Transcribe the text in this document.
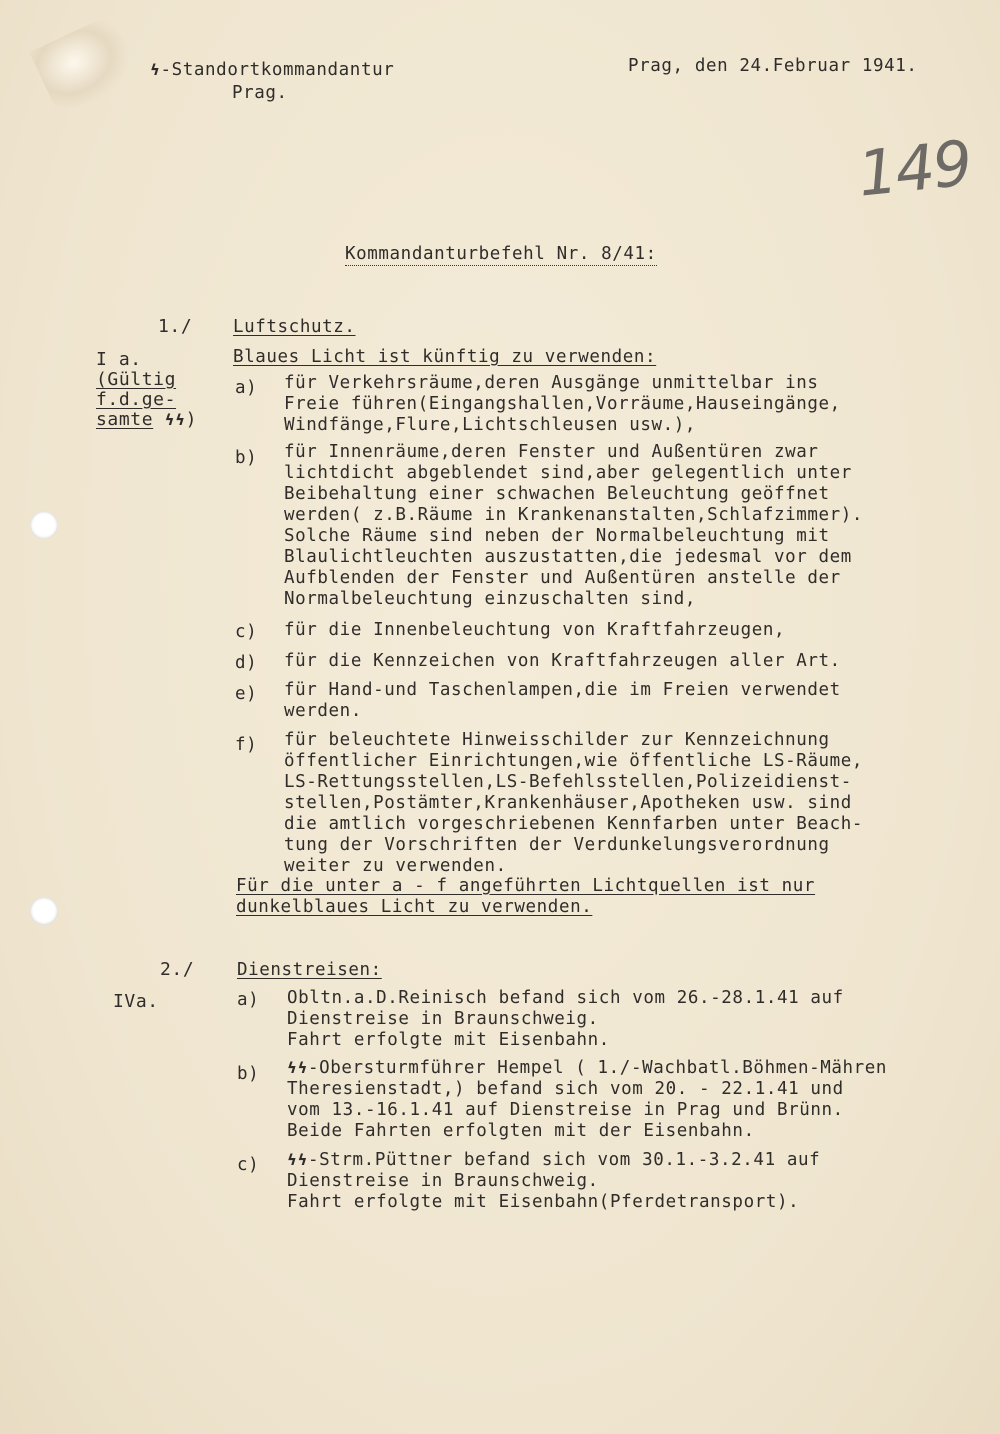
ϟ-Standortkommandantur
Prag.
Prag, den 24.Februar 1941.
149
Kommandanturbefehl Nr. 8/41:
1./ Luftschutz.
I a.
(Gültig
f.d.ge-
samte ϟϟ)
Blaues Licht ist künftig zu verwenden:
a) für Verkehrsräume,deren Ausgänge unmittelbar ins
Freie führen(Eingangshallen,Vorräume,Hauseingänge,
Windfänge,Flure,Lichtschleusen usw.),
b) für Innenräume,deren Fenster und Außentüren zwar
lichtdicht abgeblendet sind,aber gelegentlich unter
Beibehaltung einer schwachen Beleuchtung geöffnet
werden( z.B.Räume in Krankenanstalten,Schlafzimmer).
Solche Räume sind neben der Normalbeleuchtung mit
Blaulichtleuchten auszustatten,die jedesmal vor dem
Aufblenden der Fenster und Außentüren anstelle der
Normalbeleuchtung einzuschalten sind,
c) für die Innenbeleuchtung von Kraftfahrzeugen,
d) für die Kennzeichen von Kraftfahrzeugen aller Art.
e) für Hand-und Taschenlampen,die im Freien verwendet
werden.
f) für beleuchtete Hinweisschilder zur Kennzeichnung
öffentlicher Einrichtungen,wie öffentliche LS-Räume,
LS-Rettungsstellen,LS-Befehlsstellen,Polizeidienst-
stellen,Postämter,Krankenhäuser,Apotheken usw. sind
die amtlich vorgeschriebenen Kennfarben unter Beach-
tung der Vorschriften der Verdunkelungsverordnung
weiter zu verwenden.
Für die unter a - f angeführten Lichtquellen ist nur
dunkelblaues Licht zu verwenden.
2./ Dienstreisen:
IVa.	a) Obltn.a.D.Reinisch befand sich vom 26.-28.1.41 auf
Dienstreise in Braunschweig.
Fahrt erfolgte mit Eisenbahn.
b) ϟϟ-Obersturmführer Hempel ( 1./-Wachbatl.Böhmen-Mähren
Theresienstadt,) befand sich vom 20. - 22.1.41 und
vom 13.-16.1.41 auf Dienstreise in Prag und Brünn.
Beide Fahrten erfolgten mit der Eisenbahn.
c) ϟϟ-Strm.Püttner befand sich vom 30.1.-3.2.41 auf
Dienstreise in Braunschweig.
Fahrt erfolgte mit Eisenbahn(Pferdetransport).
